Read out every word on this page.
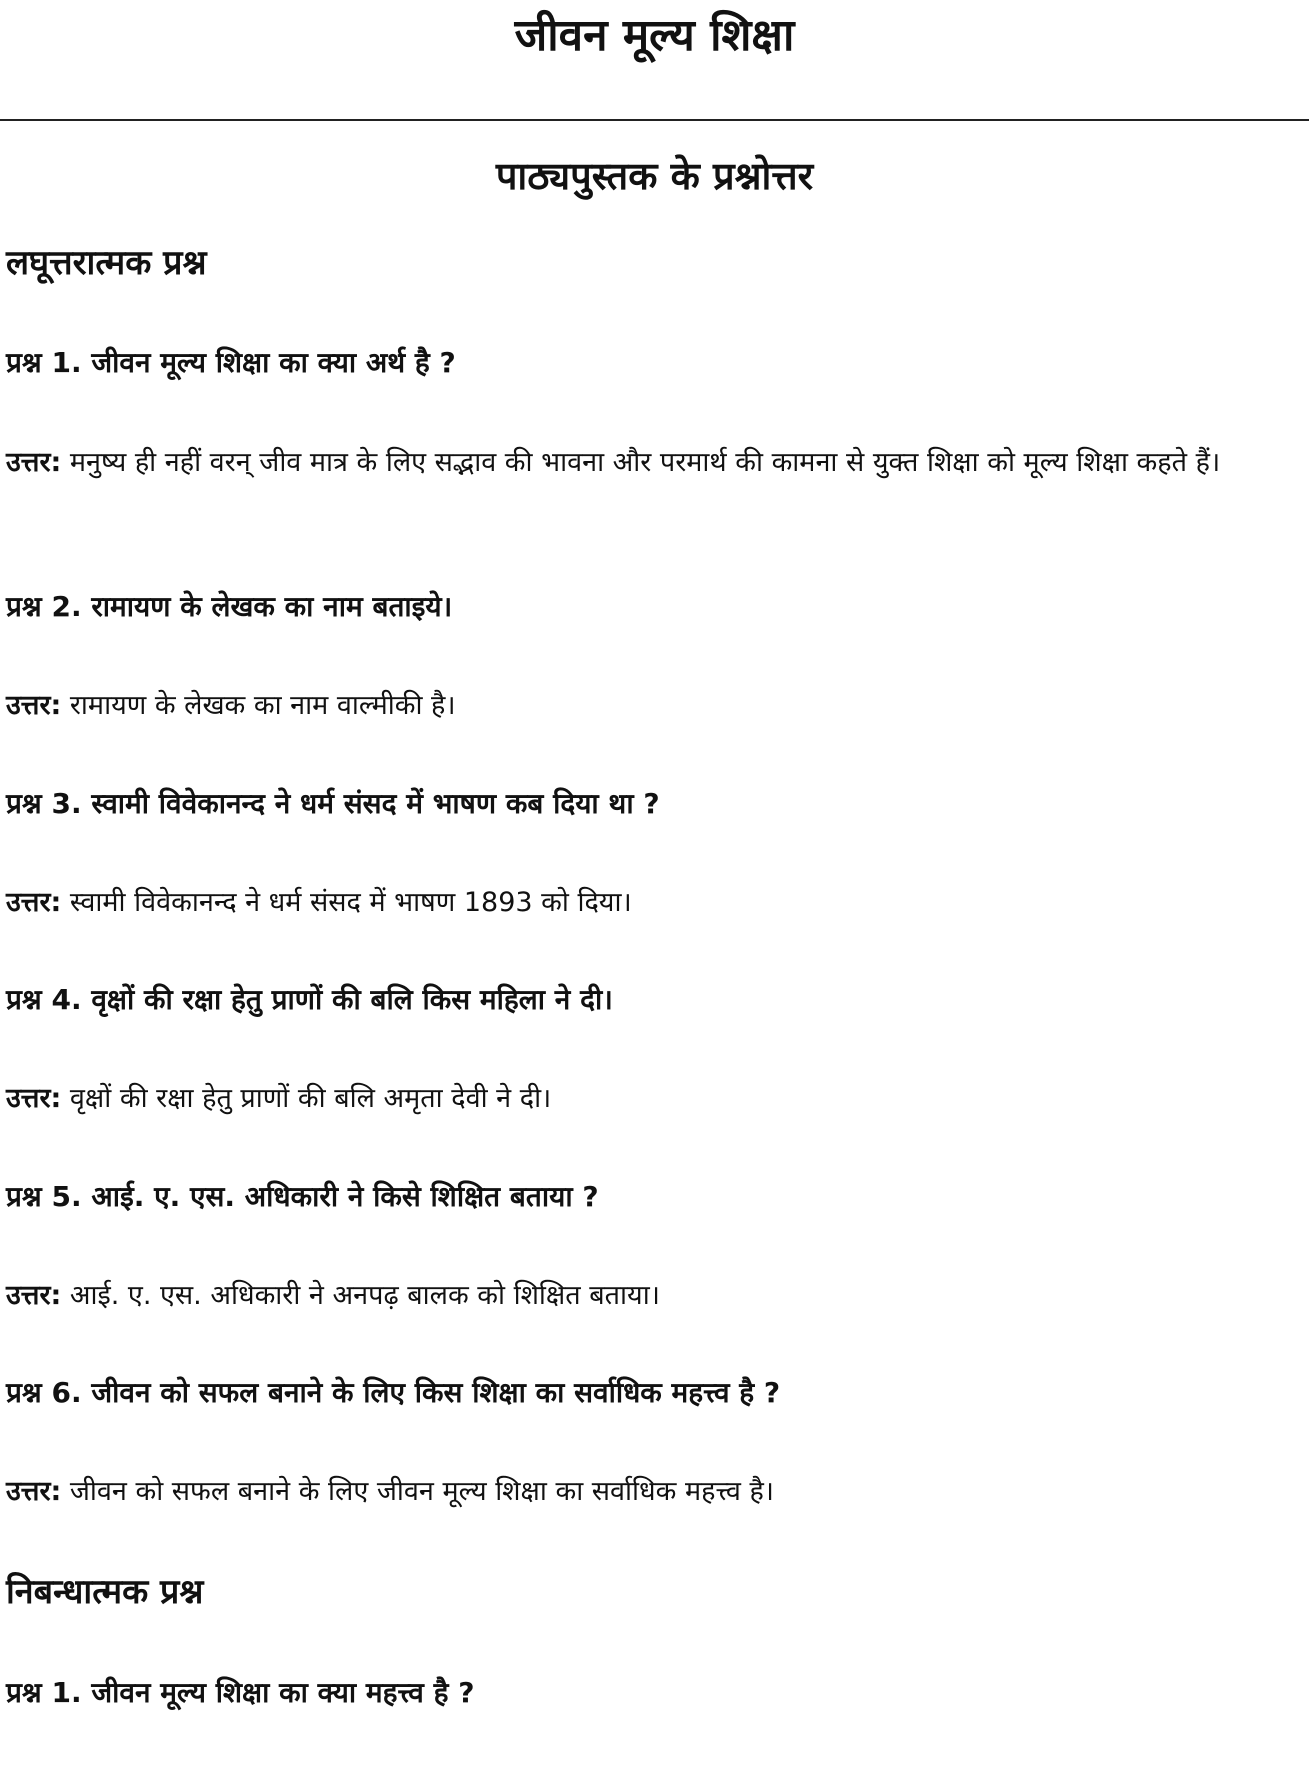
जीवन मूल्य शिक्षा
पाठ्यपुस्तक के प्रश्नोत्तर
लघूत्तरात्मक प्रश्न

प्रश्न 1. जीवन मूल्य शिक्षा का क्या अर्थ है ?

उत्तर: मनुष्य ही नहीं वरन् जीव मात्र के लिए सद्भाव की भावना और परमार्थ की कामना से युक्त शिक्षा को मूल्य शिक्षा कहते हैं।

प्रश्न 2. रामायण के लेखक का नाम बताइये।

उत्तर: रामायण के लेखक का नाम वाल्मीकी है।

प्रश्न 3. स्वामी विवेकानन्द ने धर्म संसद में भाषण कब दिया था ?

उत्तर: स्वामी विवेकानन्द ने धर्म संसद में भाषण 1893 को दिया।

प्रश्न 4. वृक्षों की रक्षा हेतु प्राणों की बलि किस महिला ने दी।

उत्तर: वृक्षों की रक्षा हेतु प्राणों की बलि अमृता देवी ने दी।

प्रश्न 5. आई. ए. एस. अधिकारी ने किसे शिक्षित बताया ?

उत्तर: आई. ए. एस. अधिकारी ने अनपढ़ बालक को शिक्षित बताया।

प्रश्न 6. जीवन को सफल बनाने के लिए किस शिक्षा का सर्वाधिक महत्त्व है ?

उत्तर: जीवन को सफल बनाने के लिए जीवन मूल्य शिक्षा का सर्वाधिक महत्त्व है।

निबन्धात्मक प्रश्न

प्रश्न 1. जीवन मूल्य शिक्षा का क्या महत्त्व है ?
